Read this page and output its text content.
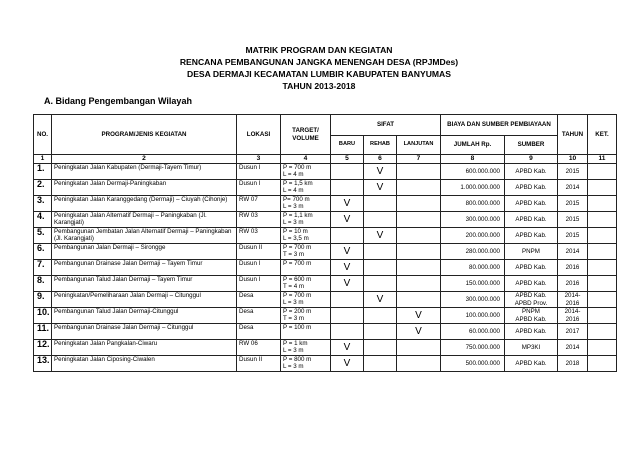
MATRIK PROGRAM DAN KEGIATAN
RENCANA PEMBANGUNAN JANGKA MENENGAH DESA (RPJMDes)
DESA DERMAJI KECAMATAN LUMBIR KABUPATEN BANYUMAS
TAHUN 2013-2018
A. Bidang Pengembangan Wilayah
NO.	PROGRAM/JENIS KEGIATAN	LOKASI	TARGET/ VOLUME	SIFAT			BIAYA DAN SUMBER PEMBIAYAAN		TAHUN	KET.
				BARU	REHAB	LANJUTAN	JUMLAH Rp.	SUMBER		
1	2	3	4	5	6	7	8	9	10	11
1.	Peningkatan Jalan Kabupaten (Dermaji-Tayem Timur)	Dusun I	P = 700 m
L = 4 m		V		600.000.000	APBD Kab.	2015	
2.	Peningkatan Jalan Dermaji-Paningkaban	Dusun I	P = 1,5 km
L = 4 m		V		1.000.000.000	APBD Kab.	2014	
3.	Peningkatan Jalan Karanggedang (Dermaji) – Ciuyah (Cihonje)	RW 07	P= 700 m
L = 3 m	V			800.000.000	APBD Kab.	2015	
4.	Peningkatan Jalan Alternatif Dermaji – Paningkaban (Jl. Karangjati)	RW 03	P = 1,1 km
L = 3 m	V			300.000.000	APBD Kab.	2015	
5.	Pembangunan Jembatan Jalan Alternatif Dermaji – Paningkaban (Jl. Karangjati)	RW 03	P = 10 m
L = 3,5 m		V		200.000.000	APBD Kab.	2015	
6.	Pembangunan Jalan Dermaji – Sirongge	Dusun II	P = 700 m
T = 3 m	V			280.000.000	PNPM	2014	
7.	Pembangunan Drainase Jalan Dermaji – Tayem Timur	Dusun I	P = 700 m	V			80.000.000	APBD Kab.	2016	
8.	Pembangunan Talud Jalan Dermaji – Tayem Timur	Dusun I	P = 600 m
T = 4 m	V			150.000.000	APBD Kab.	2016	
9.	Peningkatan/Pemeliharaan Jalan Dermaji – Citunggul	Desa	P = 700 m
L = 3 m		V		300.000.000	APBD Kab.
APBD Prov.	2014-
2016	
10.	Pembangunan Talud Jalan Dermaji-Citunggul	Desa	P = 200 m
T = 3 m			V	100.000.000	PNPM
APBD Kab.	2014-
2016	
11.	Pembangunan Drainase Jalan Dermaji – Citunggul	Desa	P = 100 m			V	60.000.000	APBD Kab.	2017	
12.	Peningkatan Jalan Pangkalan-Ciwaru	RW 06	P = 1 km
L = 3 m	V			750.000.000	MP3KI	2014	
13.	Peningkatan Jalan Ciposing-Ciwalen	Dusun II	P = 800 m
L = 3 m	V			500.000.000	APBD Kab.	2018	
